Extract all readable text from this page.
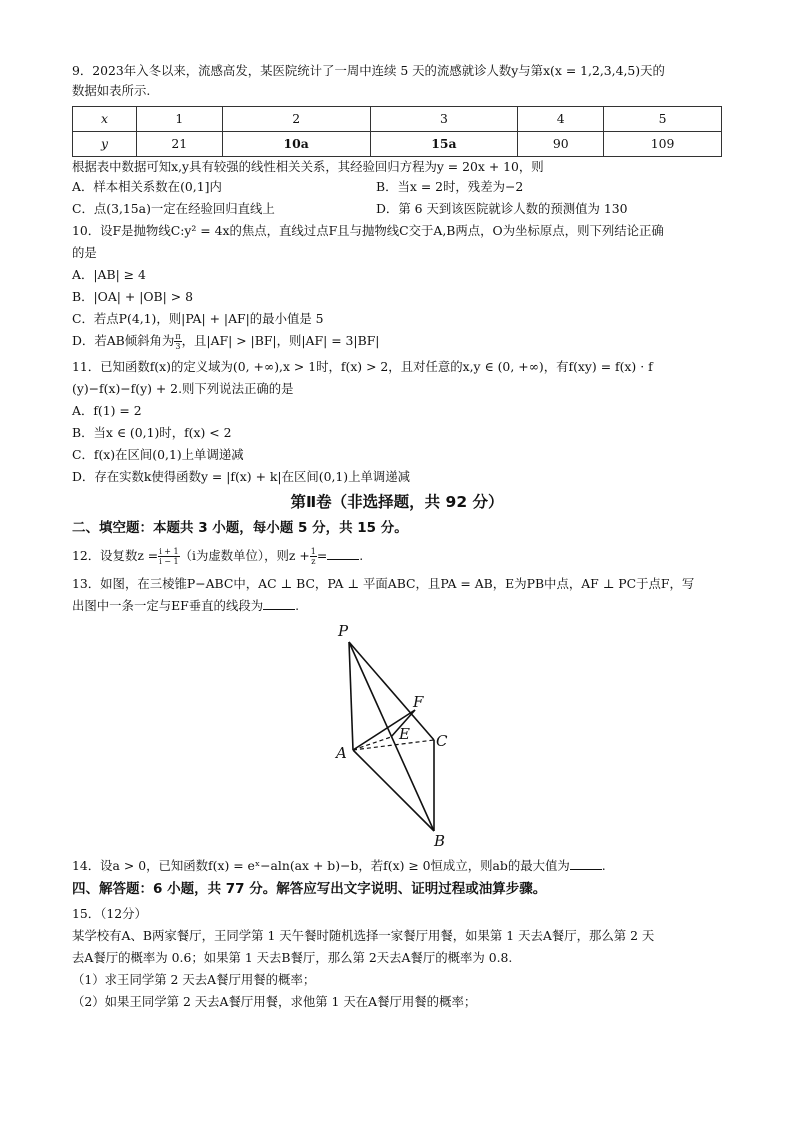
9．2023年入冬以来，流感高发，某医院统计了一周中连续 5 天的流感就诊人数y与第x(x = 1,2,3,4,5)天的
数据如表所示.
x	1	2	3	4	5
y	21	10a	15a	90	109
根据表中数据可知x,y具有较强的线性相关关系，其经验回归方程为y = 20x + 10，则
A．样本相关系数在(0,1]内	B．当x = 2时，残差为−2
C．点(3,15a)一定在经验回归直线上	D．第 6 天到该医院就诊人数的预测值为 130
10．设F是抛物线C:y² = 4x的焦点，直线过点F且与抛物线C交于A,B两点，O为坐标原点，则下列结论正确
的是
A．|AB| ≥ 4
B．|OA| + |OB| > 8
C．若点P(4,1)，则|PA| + |AF|的最小值是 5
D．若AB倾斜角为 $\frac{\pi}{3}$ ，且|AF| > |BF|，则|AF| = 3|BF|
11．已知函数f(x)的定义域为(0, +∞),x > 1时，f(x) > 2，且对任意的x,y ∈ (0, +∞)，有f(xy) = f(x) · f
(y)−f(x)−f(y) + 2.则下列说法正确的是
A．f(1) = 2
B．当x ∈ (0,1)时，f(x) < 2
C．f(x)在区间(0,1)上单调递减
D．存在实数k使得函数y = |f(x) + k|在区间(0,1)上单调递减
第Ⅱ卷（非选择题，共 92 分）
二、填空题：本题共 3 小题，每小题 5 分，共 15 分。
12．设复数$z = \frac{i + 1}{i - 1} (i$为虚数单位），则$z + \frac{1}{z}$ =	.
13．如图，在三棱锥P−ABC中，AC ⊥ BC，PA ⊥ 平面ABC，且PA = AB，E为PB中点，AF ⊥ PC于点F，写
出图中一条一定与EF垂直的线段为	.
P
F
E C
A
B
14．设a > 0，已知函数f(x) = eˣ−aln(ax + b)−b，若f(x) ≥ 0恒成立，则ab的最大值为	.
四、解答题：6 小题，共 77 分。解答应写出文字说明、证明过程或油算步骤。
15．（12分）
某学校有A、B两家餐厅，王同学第 1 天午餐时随机选择一家餐厅用餐，如果第 1 天去A餐厅，那么第 2 天
去A餐厅的概率为 0.6；如果第 1 天去B餐厅，那么第 2天去A餐厅的概率为 0.8.
（1）求王同学第 2 天去A餐厅用餐的概率；
（2）如果王同学第 2 天去A餐厅用餐，求他第 1 天在A餐厅用餐的概率；
